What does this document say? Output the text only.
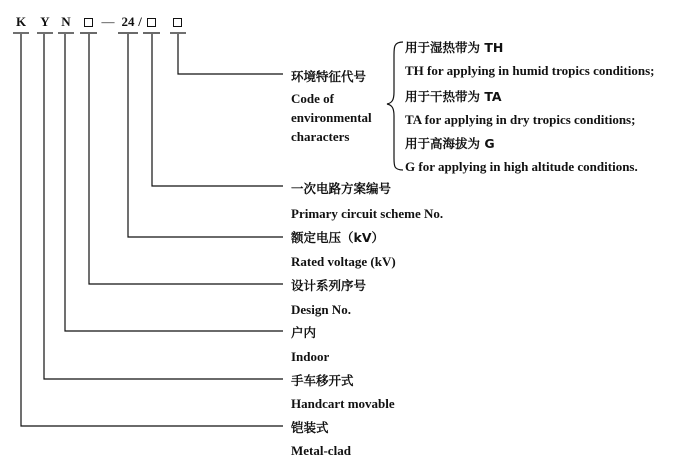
K Y N — 24 /
环境特征代号
Code of
environmental
characters
用于湿热带为 TH
TH for applying in humid tropics conditions;
用于干热带为 TA
TA for applying in dry tropics conditions;
用于高海拔为 G
G for applying in high altitude conditions.
一次电路方案编号
Primary circuit scheme No.
额定电压（kV）
Rated voltage (kV)
设计系列序号
Design No.
户内
Indoor
手车移开式
Handcart movable
铠装式
Metal-clad
